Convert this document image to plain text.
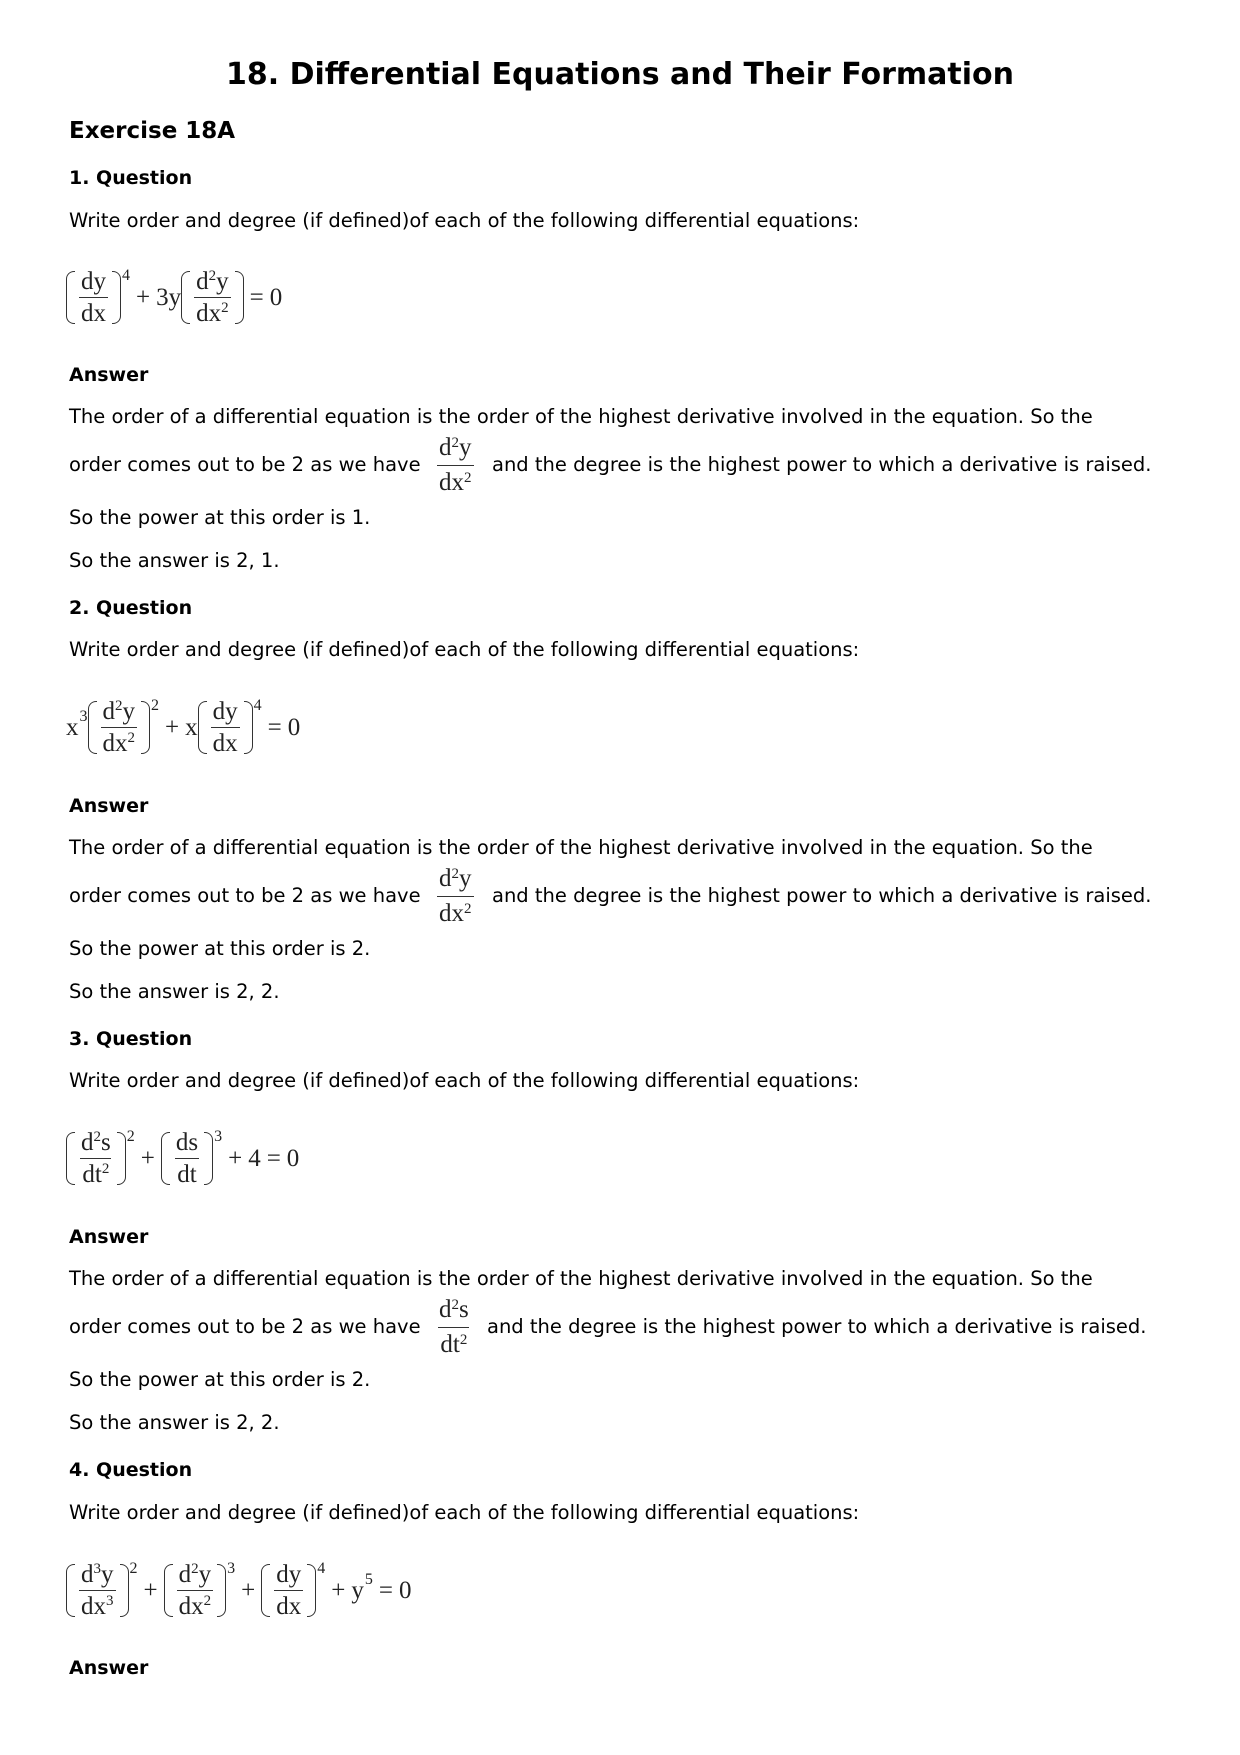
18. Differential Equations and Their Formation
Exercise 18A
1. Question
Write order and degree (if defined)of each of the following differential equations:
$\frac{dy}{dx} 4$
+ $3y \frac{d^2y}{dx^2} = 0$
Answer
The order of a differential equation is the order of the highest derivative involved in the equation. So the
order comes out to be 2 as we have $\frac{d^2y}{dx^2}$ and the degree is the highest power to which a derivative is raised.
So the power at this order is 1.
So the answer is 2, 1.
2. Question
Write order and degree (if defined)of each of the following differential equations:
x $3 \frac{d^2y}{dx^2} 2$
+ x $\frac{dy}{dx} 4$
= 0
Answer
The order of a differential equation is the order of the highest derivative involved in the equation. So the
order comes out to be 2 as we have $\frac{d^2y}{dx^2}$ and the degree is the highest power to which a derivative is raised.
So the power at this order is 2.
So the answer is 2, 2.
3. Question
Write order and degree (if defined)of each of the following differential equations:
$\frac{d^2s}{dt^2} 2$
+ $\frac{ds}{dt} 3$
+ 4 = 0
Answer
The order of a differential equation is the order of the highest derivative involved in the equation. So the
order comes out to be 2 as we have $\frac{d^2s}{dt^2}$ and the degree is the highest power to which a derivative is raised.
So the power at this order is 2.
So the answer is 2, 2.
4. Question
Write order and degree (if defined)of each of the following differential equations:
$\frac{d^3y}{dx^3} 2$
+ $\frac{d^2y}{dx^2} 3$
+ $\frac{dy}{dx} 4$
+ y 5 = 0
Answer
